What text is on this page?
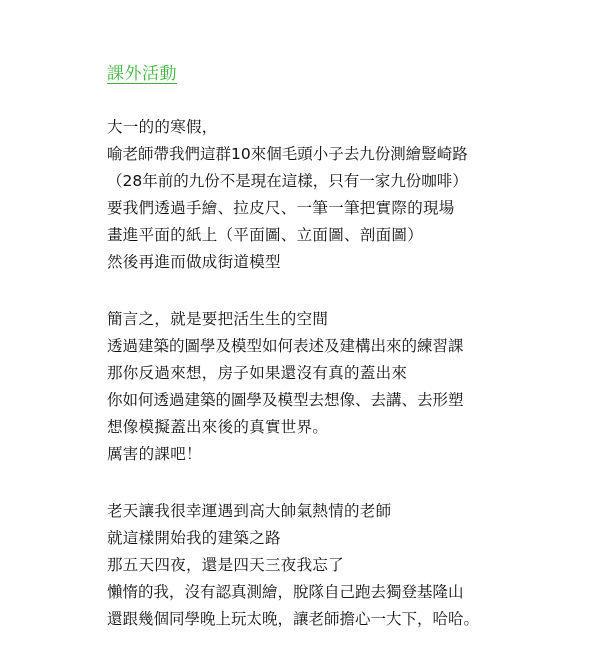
課外活動
大一的的寒假，
喻老師帶我們這群10來個毛頭小子去九份測繪豎崎路
（28年前的九份不是現在這樣，只有一家九份咖啡）
要我們透過手繪、拉皮尺、一筆一筆把實際的現場
畫進平面的紙上（平面圖、立面圖、剖面圖）
然後再進而做成街道模型
簡言之，就是要把活生生的空間
透過建築的圖學及模型如何表述及建構出來的練習課
那你反過來想，房子如果還沒有真的蓋出來
你如何透過建築的圖學及模型去想像、去講、去形塑
想像模擬蓋出來後的真實世界。
厲害的課吧！
老天讓我很幸運遇到高大帥氣熱情的老師
就這樣開始我的建築之路
那五天四夜，還是四天三夜我忘了
懶惰的我，沒有認真測繪，脫隊自己跑去獨登基隆山
還跟幾個同學晚上玩太晚，讓老師擔心一大下，哈哈。
